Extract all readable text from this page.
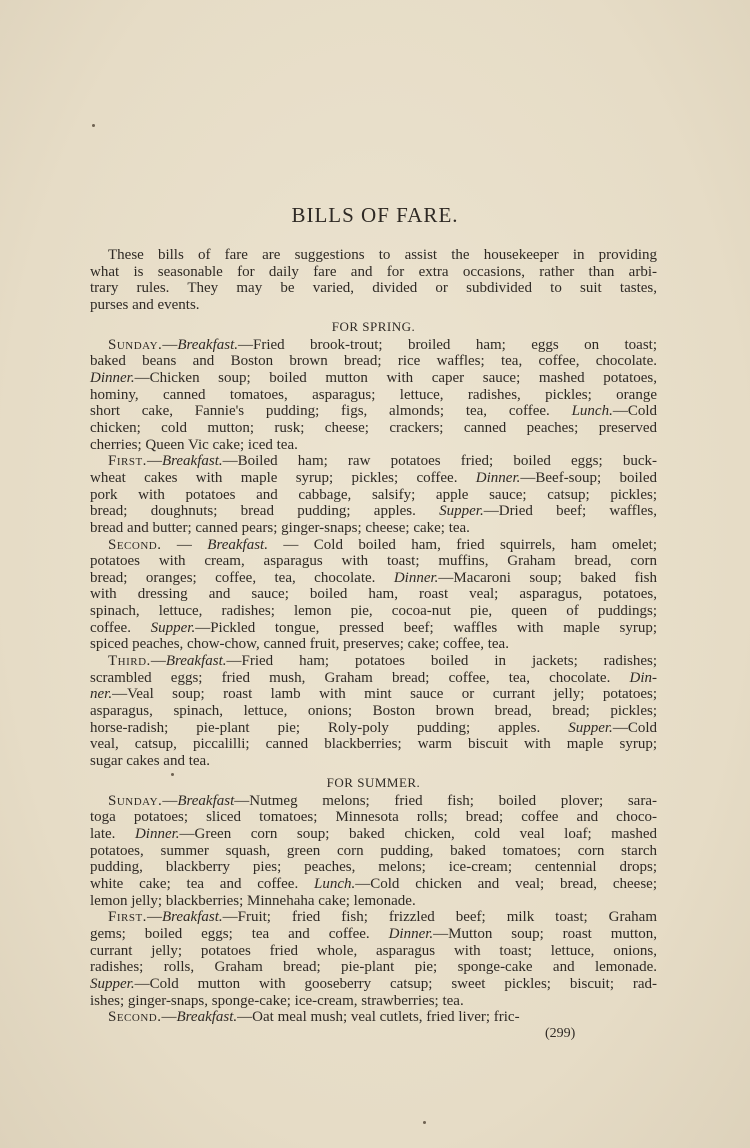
BILLS OF FARE.
These bills of fare are suggestions to assist the housekeeper in providing
what is seasonable for daily fare and for extra occasions, rather than arbi-
trary rules. They may be varied, divided or subdivided to suit tastes,
purses and events.
FOR SPRING.
Sunday.—Breakfast.—Fried brook-trout; broiled ham; eggs on toast;
baked beans and Boston brown bread; rice waffles; tea, coffee, chocolate.
Dinner.—Chicken soup; boiled mutton with caper sauce; mashed potatoes,
hominy, canned tomatoes, asparagus; lettuce, radishes, pickles; orange
short cake, Fannie's pudding; figs, almonds; tea, coffee. Lunch.—Cold
chicken; cold mutton; rusk; cheese; crackers; canned peaches; preserved
cherries; Queen Vic cake; iced tea.
First.—Breakfast.—Boiled ham; raw potatoes fried; boiled eggs; buck-
wheat cakes with maple syrup; pickles; coffee. Dinner.—Beef-soup; boiled
pork with potatoes and cabbage, salsify; apple sauce; catsup; pickles;
bread; doughnuts; bread pudding; apples. Supper.—Dried beef; waffles,
bread and butter; canned pears; ginger-snaps; cheese; cake; tea.
Second. — Breakfast. — Cold boiled ham, fried squirrels, ham omelet;
potatoes with cream, asparagus with toast; muffins, Graham bread, corn
bread; oranges; coffee, tea, chocolate. Dinner.—Macaroni soup; baked fish
with dressing and sauce; boiled ham, roast veal; asparagus, potatoes,
spinach, lettuce, radishes; lemon pie, cocoa-nut pie, queen of puddings;
coffee. Supper.—Pickled tongue, pressed beef; waffles with maple syrup;
spiced peaches, chow-chow, canned fruit, preserves; cake; coffee, tea.
Third.—Breakfast.—Fried ham; potatoes boiled in jackets; radishes;
scrambled eggs; fried mush, Graham bread; coffee, tea, chocolate. Din-
ner.—Veal soup; roast lamb with mint sauce or currant jelly; potatoes;
asparagus, spinach, lettuce, onions; Boston brown bread, bread; pickles;
horse-radish; pie-plant pie; Roly-poly pudding; apples. Supper.—Cold
veal, catsup, piccalilli; canned blackberries; warm biscuit with maple syrup;
sugar cakes and tea.
FOR SUMMER.
Sunday.—Breakfast—Nutmeg melons; fried fish; boiled plover; sara-
toga potatoes; sliced tomatoes; Minnesota rolls; bread; coffee and choco-
late. Dinner.—Green corn soup; baked chicken, cold veal loaf; mashed
potatoes, summer squash, green corn pudding, baked tomatoes; corn starch
pudding, blackberry pies; peaches, melons; ice-cream; centennial drops;
white cake; tea and coffee. Lunch.—Cold chicken and veal; bread, cheese;
lemon jelly; blackberries; Minnehaha cake; lemonade.
First.—Breakfast.—Fruit; fried fish; frizzled beef; milk toast; Graham
gems; boiled eggs; tea and coffee. Dinner.—Mutton soup; roast mutton,
currant jelly; potatoes fried whole, asparagus with toast; lettuce, onions,
radishes; rolls, Graham bread; pie-plant pie; sponge-cake and lemonade.
Supper.—Cold mutton with gooseberry catsup; sweet pickles; biscuit; rad-
ishes; ginger-snaps, sponge-cake; ice-cream, strawberries; tea.
Second.—Breakfast.—Oat meal mush; veal cutlets, fried liver; fric-
(299)
